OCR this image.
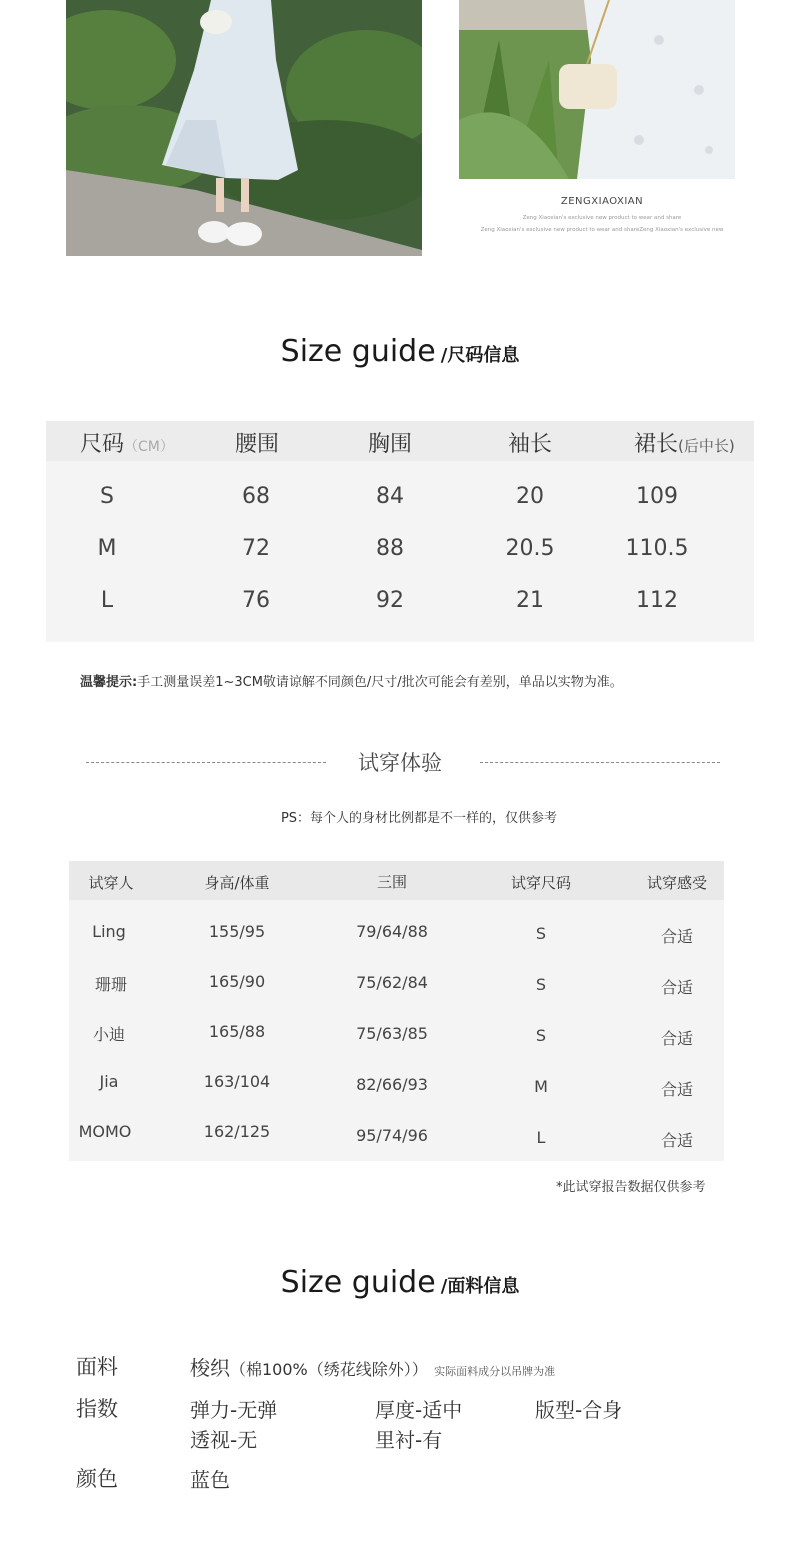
ZENGXIAOXIAN
Zeng Xiaoxian's exclusive new product to wear and share
Zeng Xiaoxian's exclusive new product to wear and shareZeng Xiaoxian's exclusive new
Size guide /尺码信息
尺码（CM）	腰围	胸围	袖长	裙长(后中长)
S	68	84	20	109
M	72	88	20.5	110.5
L	76	92	21	112
温馨提示:手工测量误差1~3CM敬请谅解不同颜色/尺寸/批次可能会有差别，单品以实物为准。
试穿体验
PS：每个人的身材比例都是不一样的，仅供参考
试穿人	身高/体重	三围	试穿尺码	试穿感受
Ling	155/95	79/64/88	S	合适
珊珊	165/90	75/62/84	S	合适
小迪	165/88	75/63/85	S	合适
Jia	163/104	82/66/93	M	合适
MOMO	162/125	95/74/96	L	合适
*此试穿报告数据仅供参考
Size guide /面料信息
面料	梭织（棉100%（绣花线除外）） 实际面料成分以吊牌为准
指数	弹力-无弹	厚度-适中	版型-合身
透视-无	里衬-有
颜色	蓝色
